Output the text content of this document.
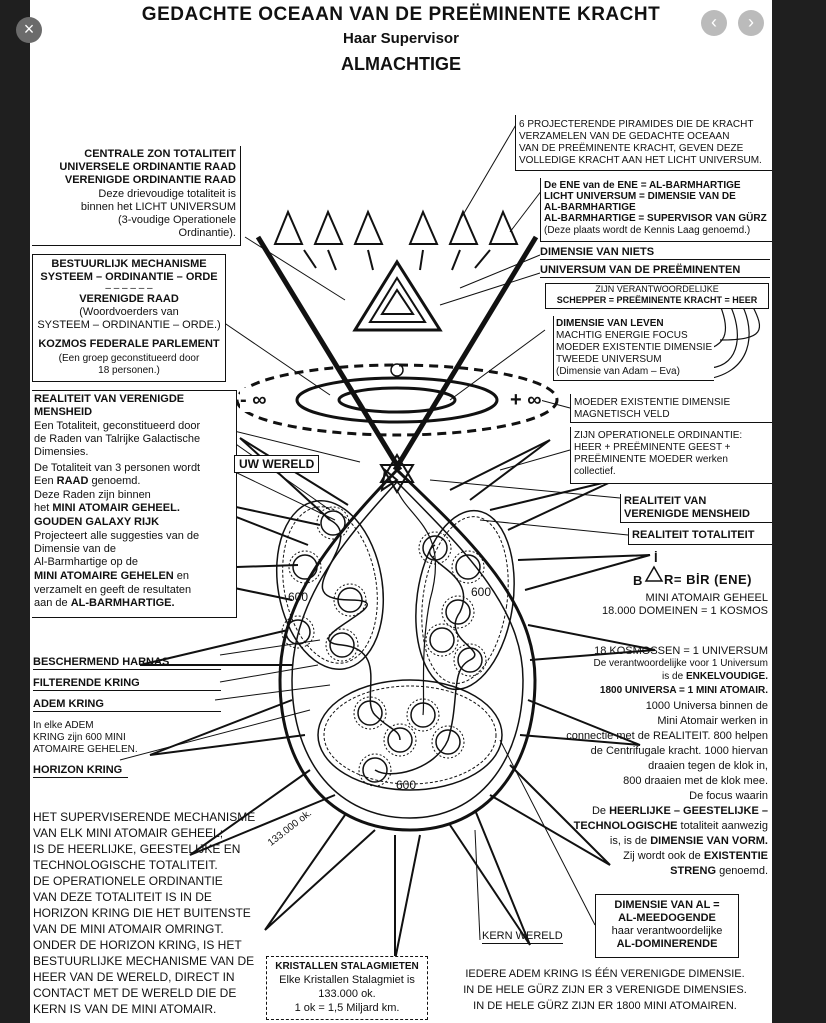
GEDACHTE OCEAAN VAN DE PREËMINENTE KRACHT
Haar Supervisor
ALMACHTIGE
CENTRALE ZON TOTALITEIT
UNIVERSELE ORDINANTIE RAAD
VERENIGDE ORDINANTIE RAAD
Deze drievoudige totaliteit is
binnen het LICHT UNIVERSUM
(3-voudige Operationele
Ordinantie).
BESTUURLIJK MECHANISME
SYSTEEM – ORDINANTIE – ORDE
– – – – – –
VERENIGDE RAAD
(Woordvoerders van
SYSTEEM – ORDINANTIE – ORDE.)
KOZMOS FEDERALE PARLEMENT
(Een groep geconstitueerd door
18 personen.)
REALITEIT VAN VERENIGDE
MENSHEID
Een Totaliteit, geconstitueerd door
de Raden van Talrijke Galactische
Dimensies.
De Totaliteit van 3 personen wordt
Een RAAD genoemd.
Deze Raden zijn binnen
het MINI ATOMAIR GEHEEL.
GOUDEN GALAXY RIJK
Projecteert alle suggesties van de
Dimensie van de
Al-Barmhartige op de
MINI ATOMAIRE GEHELEN en
verzamelt en geeft de resultaten
aan de AL-BARMHARTIGE.
BESCHERMEND HARNAS
FILTERENDE KRING
ADEM KRING
In elke ADEM
KRING zijn 600 MINI
ATOMAIRE GEHELEN.
HORIZON KRING
HET SUPERVISERENDE MECHANISME
VAN ELK MINI ATOMAIR GEHEEL;
IS DE HEERLIJKE, GEESTELIJKE EN
TECHNOLOGISCHE TOTALITEIT.
DE OPERATIONELE ORDINANTIE
VAN DEZE TOTALITEIT IS IN DE
HORIZON KRING DIE HET BUITENSTE
VAN DE MINI ATOMAIR OMRINGT.
ONDER DE HORIZON KRING, IS HET
BESTUURLIJKE MECHANISME VAN DE
HEER VAN DE WERELD, DIRECT IN
CONTACT MET DE WERELD DIE DE
KERN IS VAN DE MINI ATOMAIR.
6 PROJECTERENDE PIRAMIDES DIE DE KRACHT
VERZAMELEN VAN DE GEDACHTE OCEAAN
VAN DE PREËMINENTE KRACHT, GEVEN DEZE
VOLLEDIGE KRACHT AAN HET LICHT UNIVERSUM.
De ENE van de ENE = AL-BARMHARTIGE
LICHT UNIVERSUM = DIMENSIE VAN DE
AL-BARMHARTIGE
AL-BARMHARTIGE = SUPERVISOR VAN GÜRZ
(Deze plaats wordt de Kennis Laag genoemd.)
DIMENSIE VAN NIETS
UNIVERSUM VAN DE PREËMINENTEN
ZIJN VERANTWOORDELIJKE
SCHEPPER = PREËMINENTE KRACHT = HEER
DIMENSIE VAN LEVEN
MACHTIG ENERGIE FOCUS
MOEDER EXISTENTIE DIMENSIE
TWEEDE UNIVERSUM
(Dimensie van Adam – Eva)
MOEDER EXISTENTIE DIMENSIE
MAGNETISCH VELD
ZIJN OPERATIONELE ORDINANTIE:
HEER + PREËMINENTE GEEST +
PREËMINENTE MOEDER werken
collectief.
REALITEIT VAN
VERENIGDE MENSHEID
REALITEIT TOTALITEIT
İ
B R= BİR (ENE)
MINI ATOMAIR GEHEEL
18.000 DOMEINEN = 1 KOSMOS
18 KOSMOSSEN = 1 UNIVERSUM
De verantwoordelijke voor 1 Universum
is de ENKELVOUDIGE.
1800 UNIVERSA = 1 MINI ATOMAIR.
1000 Universa binnen de
Mini Atomair werken in
connectie met de REALITEIT. 800 helpen
de Centrifugale kracht. 1000 hiervan
draaien tegen de klok in,
800 draaien met de klok mee.
De focus waarin
De HEERLIJKE – GEESTELIJKE –
TECHNOLOGISCHE totaliteit aanwezig
is, is de DIMENSIE VAN VORM.
Zij wordt ook de EXISTENTIE
STRENG genoemd.
DIMENSIE VAN AL =
AL-MEEDOGENDE
haar verantwoordelijke
AL-DOMINERENDE
KERN WERELD
KRISTALLEN STALAGMIETEN
Elke Kristallen Stalagmiet is
133.000 ok.
1 ok = 1,5 Miljard km.
IEDERE ADEM KRING IS ÉÉN VERENIGDE DIMENSIE.
IN DE HELE GÜRZ ZIJN ER 3 VERENIGDE DIMENSIES.
IN DE HELE GÜRZ ZIJN ER 1800 MINI ATOMAIREN.
- ∞	+ ∞
UW WERELD
600	600
600
133.000 ok.
×	‹	›
